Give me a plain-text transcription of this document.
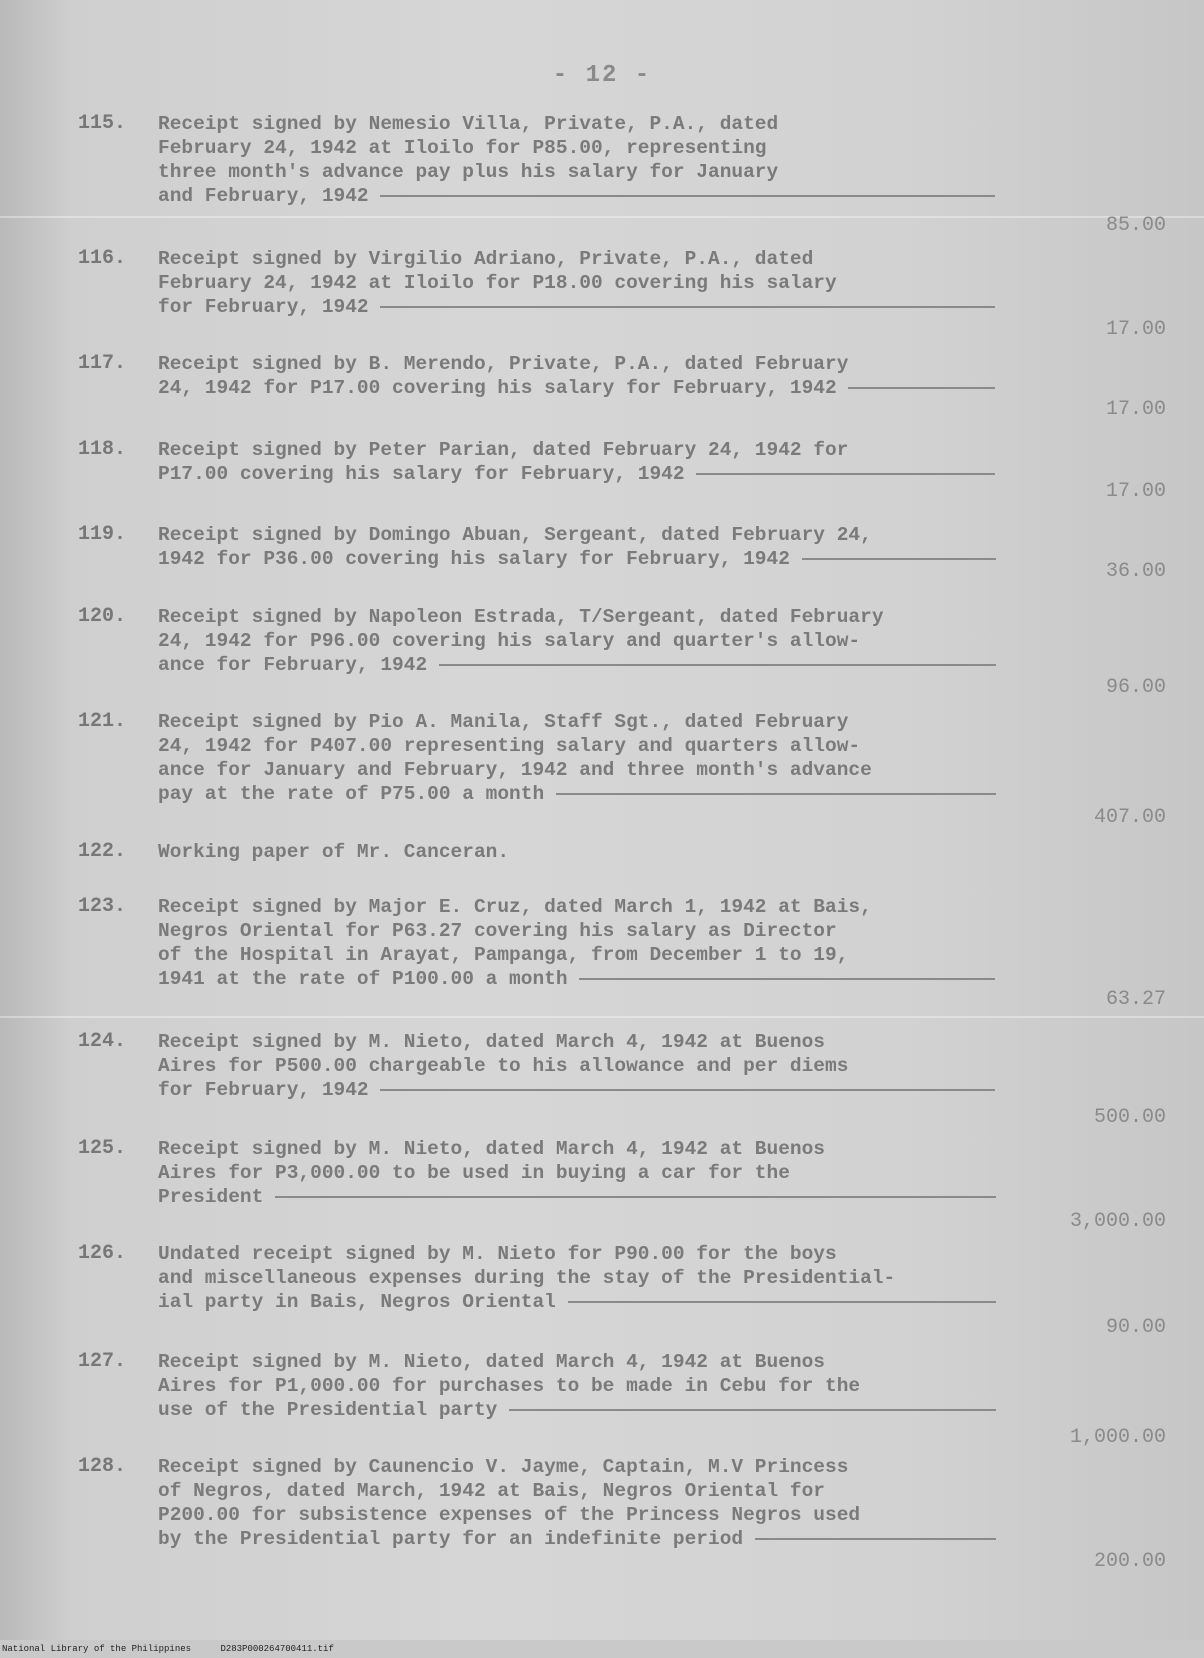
- 12 -
115. Receipt signed by Nemesio Villa, Private, P.A., dated
February 24, 1942 at Iloilo for P85.00, representing
three month's advance pay plus his salary for January
and February, 1942
85.00
116. Receipt signed by Virgilio Adriano, Private, P.A., dated
February 24, 1942 at Iloilo for P18.00 covering his salary
for February, 1942
17.00
117. Receipt signed by B. Merendo, Private, P.A., dated February
24, 1942 for P17.00 covering his salary for February, 1942
17.00
118. Receipt signed by Peter Parian, dated February 24, 1942 for
P17.00 covering his salary for February, 1942
17.00
119. Receipt signed by Domingo Abuan, Sergeant, dated February 24,
1942 for P36.00 covering his salary for February, 1942
36.00
120. Receipt signed by Napoleon Estrada, T/Sergeant, dated February
24, 1942 for P96.00 covering his salary and quarter's allow-
ance for February, 1942
96.00
121. Receipt signed by Pio A. Manila, Staff Sgt., dated February
24, 1942 for P407.00 representing salary and quarters allow-
ance for January and February, 1942 and three month's advance
pay at the rate of P75.00 a month
407.00
122. Working paper of Mr. Canceran.
123. Receipt signed by Major E. Cruz, dated March 1, 1942 at Bais,
Negros Oriental for P63.27 covering his salary as Director
of the Hospital in Arayat, Pampanga, from December 1 to 19,
1941 at the rate of P100.00 a month
63.27
124. Receipt signed by M. Nieto, dated March 4, 1942 at Buenos
Aires for P500.00 chargeable to his allowance and per diems
for February, 1942
500.00
125. Receipt signed by M. Nieto, dated March 4, 1942 at Buenos
Aires for P3,000.00 to be used in buying a car for the
President
3,000.00
126. Undated receipt signed by M. Nieto for P90.00 for the boys
and miscellaneous expenses during the stay of the Presidential-
ial party in Bais, Negros Oriental
90.00
127. Receipt signed by M. Nieto, dated March 4, 1942 at Buenos
Aires for P1,000.00 for purchases to be made in Cebu for the
use of the Presidential party
1,000.00
128. Receipt signed by Caunencio V. Jayme, Captain, M.V Princess
of Negros, dated March, 1942 at Bais, Negros Oriental for
P200.00 for subsistence expenses of the Princess Negros used
by the Presidential party for an indefinite period
200.00
National Library of the Philippines	D283P000264700411.tif
